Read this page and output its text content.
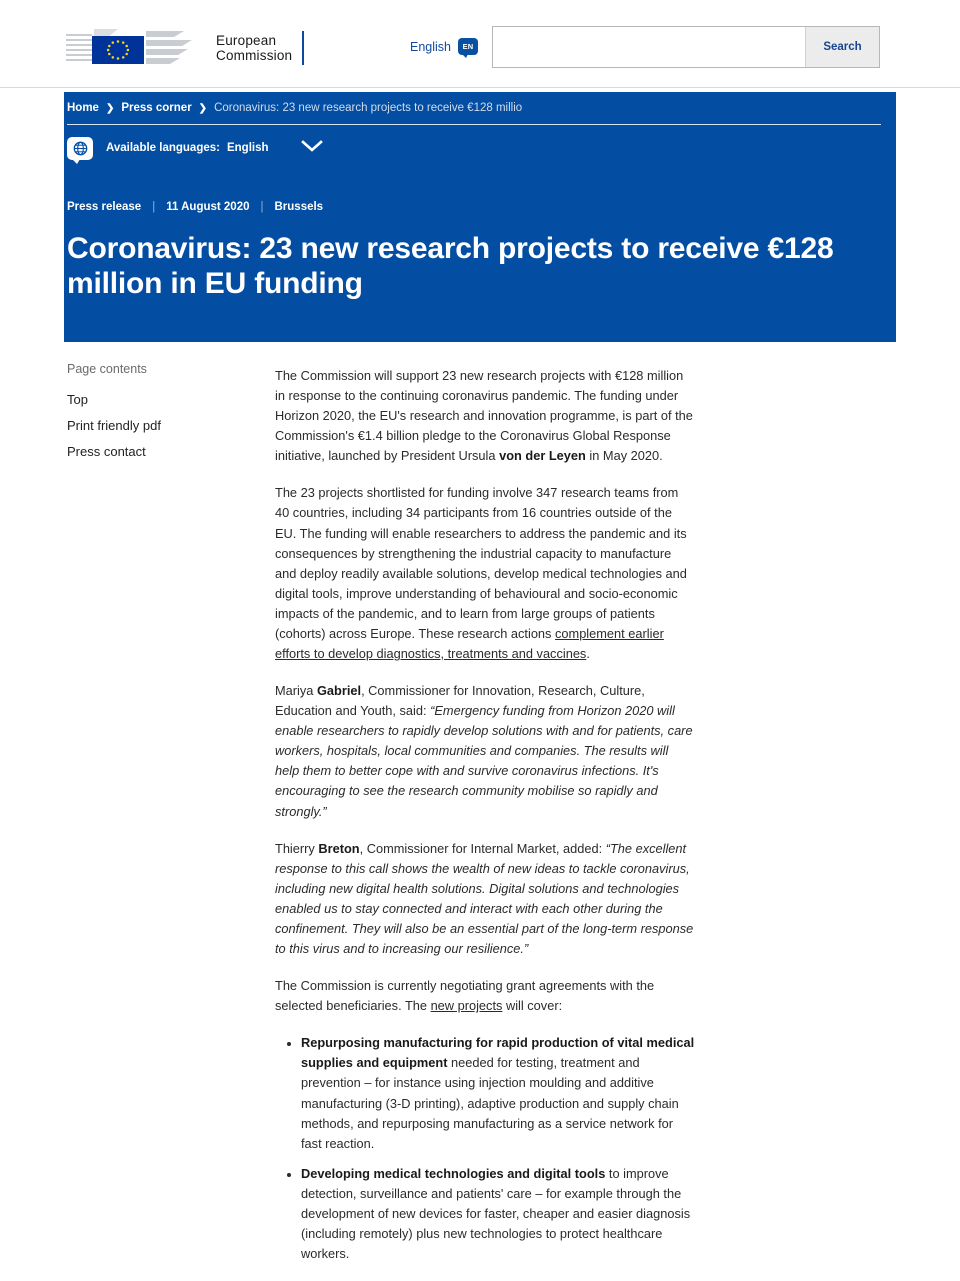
European
Commission
English EN	Search
Home ❯ Press corner ❯ Coronavirus: 23 new research projects to receive €128 millio
Available languages: English
Press release | 11 August 2020 | Brussels
Coronavirus: 23 new research projects to receive €128 million in EU funding
Page contents
Top
Print friendly pdf
Press contact

The Commission will support 23 new research projects with €128 million in response to the continuing coronavirus pandemic. The funding under Horizon 2020, the EU's research and innovation programme, is part of the Commission's €1.4 billion pledge to the Coronavirus Global Response initiative, launched by President Ursula von der Leyen in May 2020.

The 23 projects shortlisted for funding involve 347 research teams from 40 countries, including 34 participants from 16 countries outside of the EU. The funding will enable researchers to address the pandemic and its consequences by strengthening the industrial capacity to manufacture and deploy readily available solutions, develop medical technologies and digital tools, improve understanding of behavioural and socio-economic impacts of the pandemic, and to learn from large groups of patients (cohorts) across Europe. These research actions complement earlier efforts to develop diagnostics, treatments and vaccines.

Mariya Gabriel, Commissioner for Innovation, Research, Culture, Education and Youth, said: “Emergency funding from Horizon 2020 will enable researchers to rapidly develop solutions with and for patients, care workers, hospitals, local communities and companies. The results will help them to better cope with and survive coronavirus infections. It's encouraging to see the research community mobilise so rapidly and strongly.”

Thierry Breton, Commissioner for Internal Market, added: “The excellent response to this call shows the wealth of new ideas to tackle coronavirus, including new digital health solutions. Digital solutions and technologies enabled us to stay connected and interact with each other during the confinement. They will also be an essential part of the long-term response to this virus and to increasing our resilience.”

The Commission is currently negotiating grant agreements with the selected beneficiaries. The new projects will cover:

• Repurposing manufacturing for rapid production of vital medical supplies and equipment needed for testing, treatment and prevention – for instance using injection moulding and additive manufacturing (3-D printing), adaptive production and supply chain methods, and repurposing manufacturing as a service network for fast reaction.
• Developing medical technologies and digital tools to improve detection, surveillance and patients' care – for example through the development of new devices for faster, cheaper and easier diagnosis (including remotely) plus new technologies to protect healthcare workers.
